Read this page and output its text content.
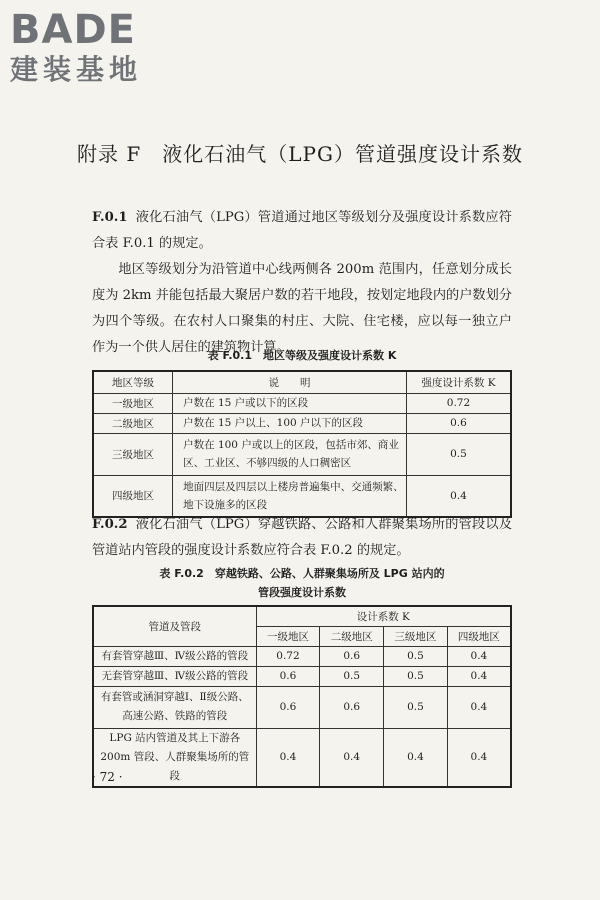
BADE
建装基地
附录 F　液化石油气（LPG）管道强度设计系数
F.0.1 液化石油气（LPG）管道通过地区等级划分及强度设计系数应符合表 F.0.1 的规定。
地区等级划分为沿管道中心线两侧各 200m 范围内，任意划分成长度为 2km 并能包括最大聚居户数的若干地段，按划定地段内的户数划分为四个等级。在农村人口聚集的村庄、大院、住宅楼，应以每一独立户作为一个供人居住的建筑物计算。
表 F.0.1　地区等级及强度设计系数 K
地区等级	说　　明	强度设计系数 K
一级地区	户数在 15 户或以下的区段	0.72
二级地区	户数在 15 户以上、100 户以下的区段	0.6
三级地区	户数在 100 户或以上的区段，包括市郊、商业区、工业区、不够四级的人口稠密区	0.5
四级地区	地面四层及四层以上楼房普遍集中、交通频繁、地下设施多的区段	0.4
F.0.2 液化石油气（LPG）穿越铁路、公路和人群聚集场所的管段以及管道站内管段的强度设计系数应符合表 F.0.2 的规定。
表 F.0.2　穿越铁路、公路、人群聚集场所及 LPG 站内的
管段强度设计系数
管道及管段	设计系数 K			
	一级地区	二级地区	三级地区	四级地区
有套管穿越Ⅲ、Ⅳ级公路的管段	0.72	0.6	0.5	0.4
无套管穿越Ⅲ、Ⅳ级公路的管段	0.6	0.5	0.5	0.4
有套管或涵洞穿越Ⅰ、Ⅱ级公路、高速公路、铁路的管段	0.6	0.6	0.5	0.4
LPG 站内管道及其上下游各 200m 管段、人群聚集场所的管段	0.4	0.4	0.4	0.4
· 72 ·
